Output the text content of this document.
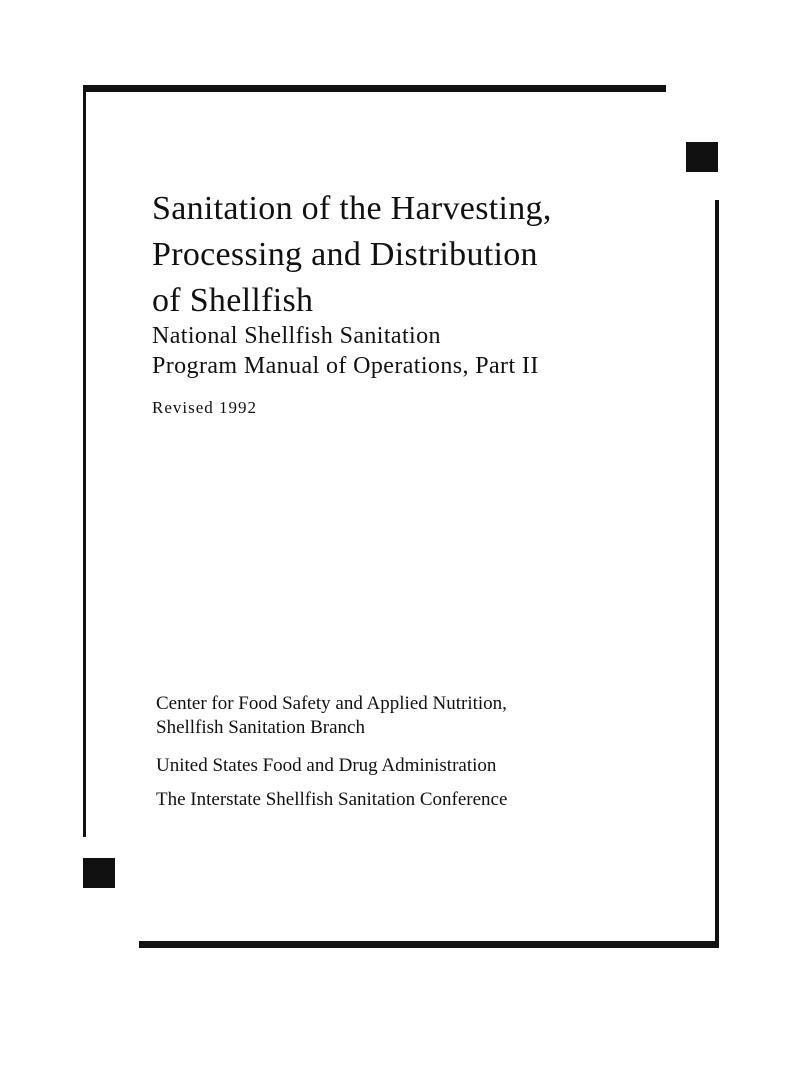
Sanitation of the Harvesting,
Processing and Distribution
of Shellfish
National Shellfish Sanitation
Program Manual of Operations, Part II

Revised 1992

Center for Food Safety and Applied Nutrition,
Shellfish Sanitation Branch
United States Food and Drug Administration
The Interstate Shellfish Sanitation Conference
